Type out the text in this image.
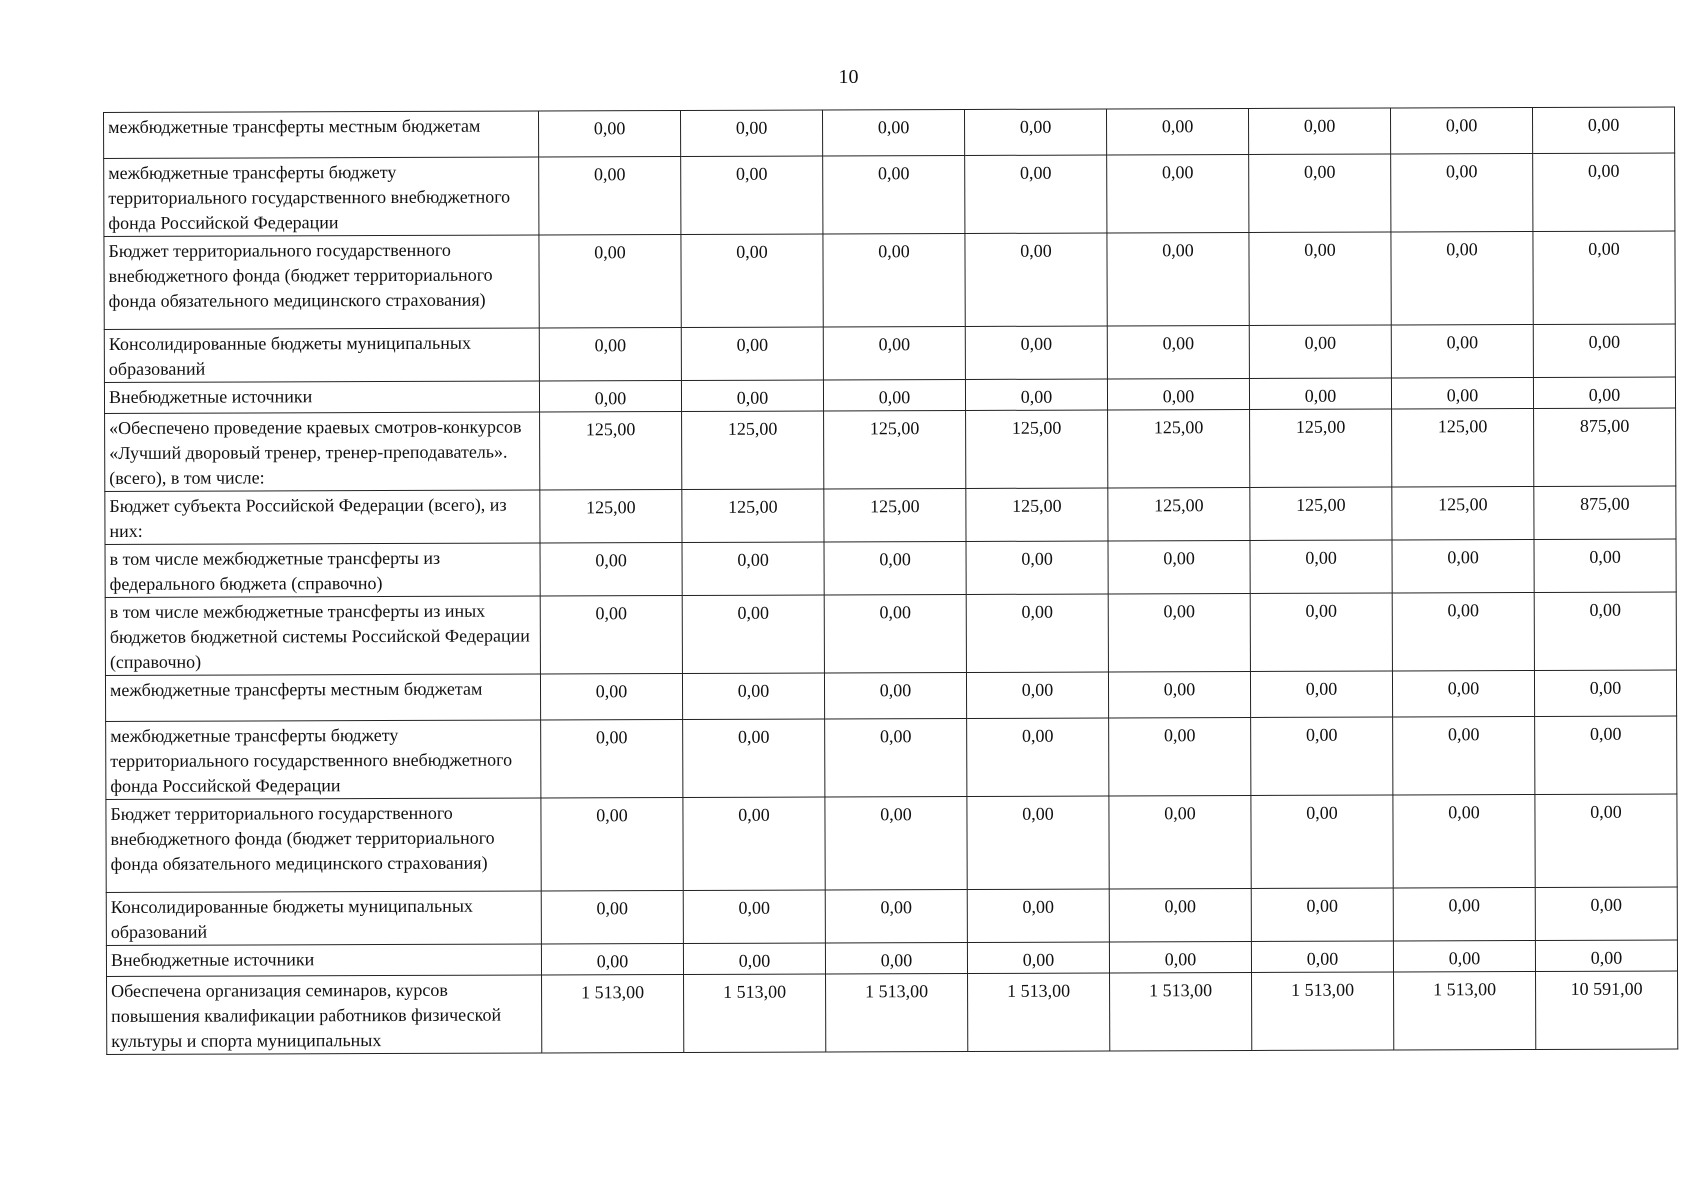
10
межбюджетные трансферты местным бюджетам	0,00	0,00	0,00	0,00	0,00	0,00	0,00	0,00
межбюджетные трансферты бюджету территориального государственного внебюджетного фонда Российской Федерации	0,00	0,00	0,00	0,00	0,00	0,00	0,00	0,00
Бюджет территориального государственного внебюджетного фонда (бюджет территориального фонда обязательного медицинского страхования)	0,00	0,00	0,00	0,00	0,00	0,00	0,00	0,00
Консолидированные бюджеты муниципальных образований	0,00	0,00	0,00	0,00	0,00	0,00	0,00	0,00
Внебюджетные источники	0,00	0,00	0,00	0,00	0,00	0,00	0,00	0,00
«Обеспечено проведение краевых смотров-конкурсов «Лучший дворовый тренер, тренер-преподаватель». (всего), в том числе:	125,00	125,00	125,00	125,00	125,00	125,00	125,00	875,00
Бюджет субъекта Российской Федерации (всего), из них:	125,00	125,00	125,00	125,00	125,00	125,00	125,00	875,00
в том числе межбюджетные трансферты из федерального бюджета (справочно)	0,00	0,00	0,00	0,00	0,00	0,00	0,00	0,00
в том числе межбюджетные трансферты из иных бюджетов бюджетной системы Российской Федерации (справочно)	0,00	0,00	0,00	0,00	0,00	0,00	0,00	0,00
межбюджетные трансферты местным бюджетам	0,00	0,00	0,00	0,00	0,00	0,00	0,00	0,00
межбюджетные трансферты бюджету территориального государственного внебюджетного фонда Российской Федерации	0,00	0,00	0,00	0,00	0,00	0,00	0,00	0,00
Бюджет территориального государственного внебюджетного фонда (бюджет территориального фонда обязательного медицинского страхования)	0,00	0,00	0,00	0,00	0,00	0,00	0,00	0,00
Консолидированные бюджеты муниципальных образований	0,00	0,00	0,00	0,00	0,00	0,00	0,00	0,00
Внебюджетные источники	0,00	0,00	0,00	0,00	0,00	0,00	0,00	0,00
Обеспечена организация семинаров, курсов повышения квалификации работников физической культуры и спорта муниципальных	1 513,00	1 513,00	1 513,00	1 513,00	1 513,00	1 513,00	1 513,00	10 591,00
